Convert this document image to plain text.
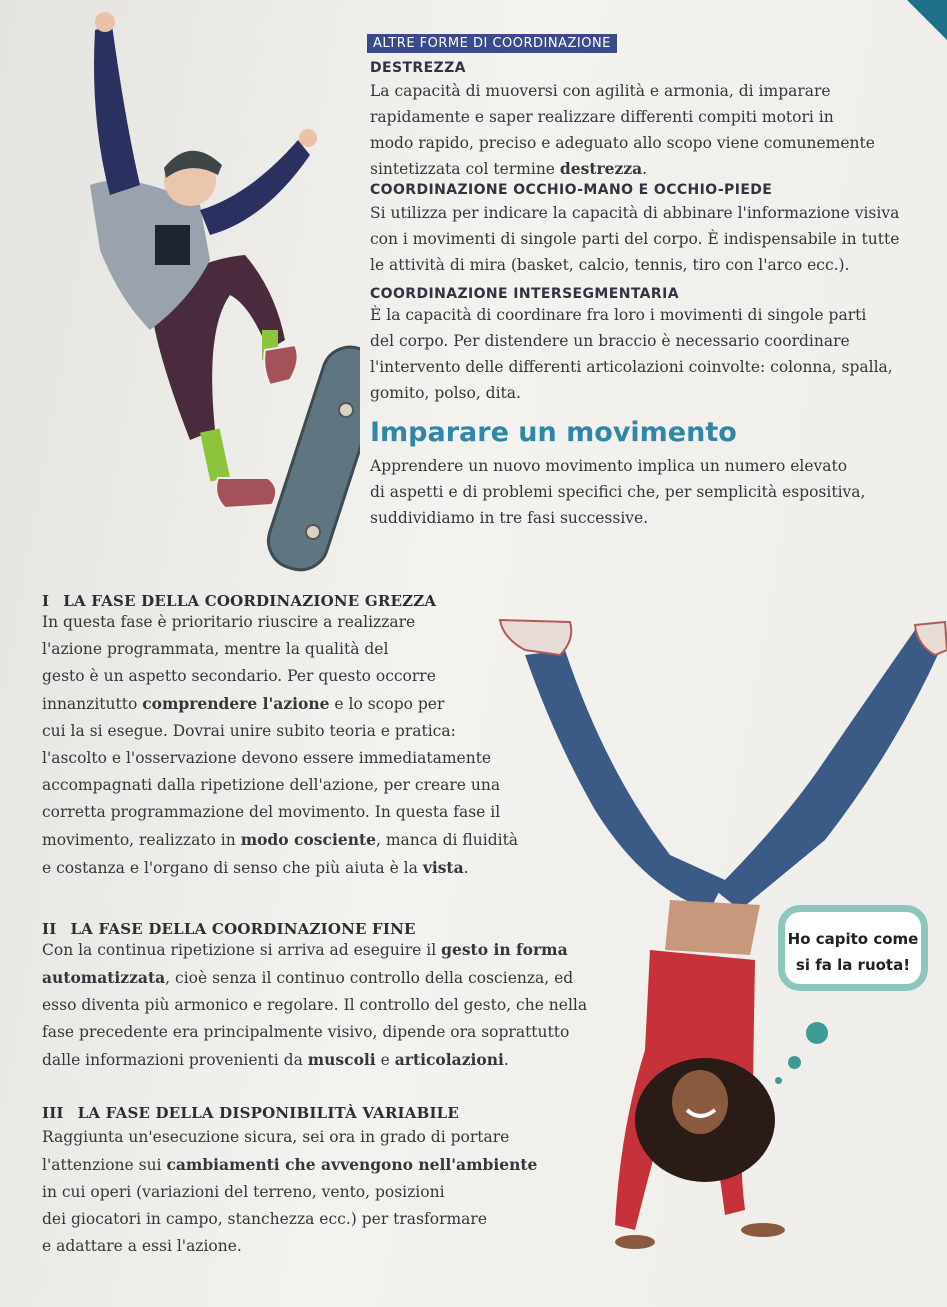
ALTRE FORME DI COORDINAZIONE
DESTREZZA
La capacità di muoversi con agilità e armonia, di imparare
rapidamente e saper realizzare differenti compiti motori in
modo rapido, preciso e adeguato allo scopo viene comunemente
sintetizzata col termine destrezza.
COORDINAZIONE OCCHIO-MANO E OCCHIO-PIEDE
Si utilizza per indicare la capacità di abbinare l'informazione visiva
con i movimenti di singole parti del corpo. È indispensabile in tutte
le attività di mira (basket, calcio, tennis, tiro con l'arco ecc.).
COORDINAZIONE INTERSEGMENTARIA
È la capacità di coordinare fra loro i movimenti di singole parti
del corpo. Per distendere un braccio è necessario coordinare
l'intervento delle differenti articolazioni coinvolte: colonna, spalla,
gomito, polso, dita.
Imparare un movimento
Apprendere un nuovo movimento implica un numero elevato
di aspetti e di problemi specifici che, per semplicità espositiva,
suddividiamo in tre fasi successive.
I LA FASE DELLA COORDINAZIONE GREZZA
In questa fase è prioritario riuscire a realizzare
l'azione programmata, mentre la qualità del
gesto è un aspetto secondario. Per questo occorre
innanzitutto comprendere l'azione e lo scopo per
cui la si esegue. Dovrai unire subito teoria e pratica:
l'ascolto e l'osservazione devono essere immediatamente
accompagnati dalla ripetizione dell'azione, per creare una
corretta programmazione del movimento. In questa fase il
movimento, realizzato in modo cosciente, manca di fluidità
e costanza e l'organo di senso che più aiuta è la vista.
II LA FASE DELLA COORDINAZIONE FINE
Con la continua ripetizione si arriva ad eseguire il gesto in forma
automatizzata, cioè senza il continuo controllo della coscienza, ed
esso diventa più armonico e regolare. Il controllo del gesto, che nella
fase precedente era principalmente visivo, dipende ora soprattutto
dalle informazioni provenienti da muscoli e articolazioni.
III LA FASE DELLA DISPONIBILITÀ VARIABILE
Raggiunta un'esecuzione sicura, sei ora in grado di portare
l'attenzione sui cambiamenti che avvengono nell'ambiente
in cui operi (variazioni del terreno, vento, posizioni
dei giocatori in campo, stanchezza ecc.) per trasformare
e adattare a essi l'azione.
Ho capito come
si fa la ruota!
